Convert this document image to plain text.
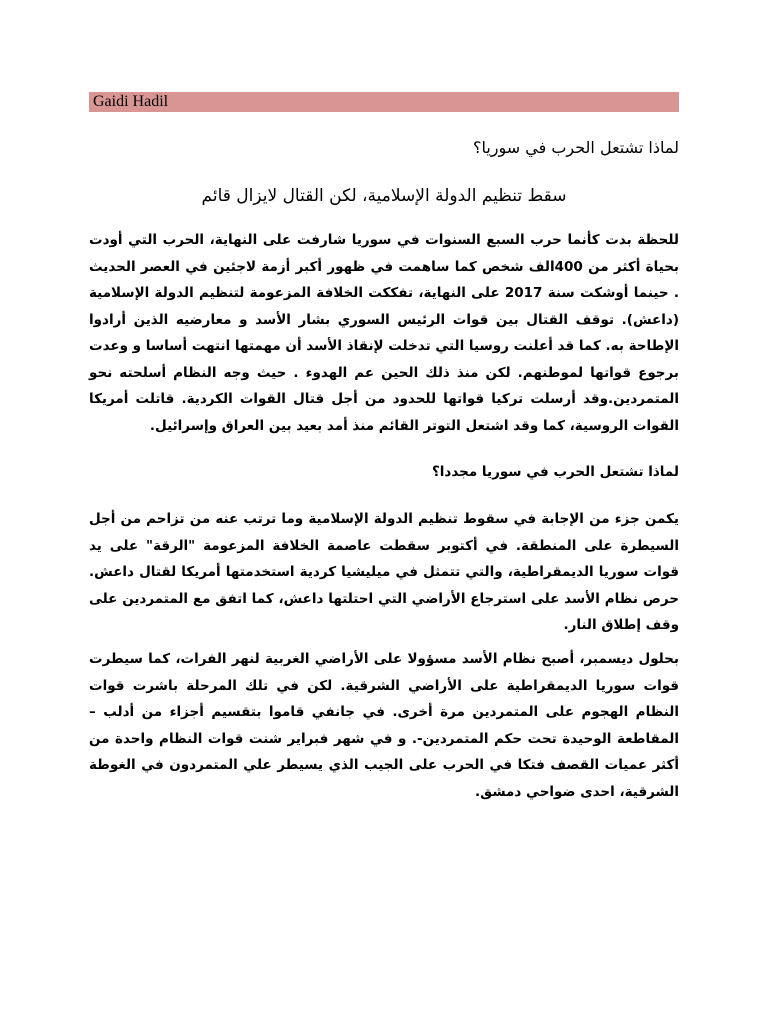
Gaidi Hadil
لماذا تشتعل الحرب في سوريا؟
سقط تنظيم الدولة الإسلامية، لكن القتال لايزال قائم
للحظة بدت كأنما حرب السبع السنوات في سوريا شارفت على النهاية، الحرب التي أودت بحياة أكثر من 400الف شخص كما ساهمت في ظهور أكبر أزمة لاجئين في العصر الحديث . حينما أوشكت سنة 2017 على النهاية، تفككت الخلافة المزعومة لتنظيم الدولة الإسلامية (داعش). توقف القتال بين قوات الرئيس السوري بشار الأسد و معارضيه الذين أرادوا الإطاحة به. كما قد أعلنت روسيا التي تدخلت لإنقاذ الأسد أن مهمتها انتهت أساسا و وعدت برجوع قواتها لموطنهم. لكن منذ ذلك الحين عم الهدوء . حيث وجه النظام أسلحته نحو المتمردين.وقد أرسلت تركيا قواتها للحدود من أجل قتال القوات الكردية. قاتلت أمريكا القوات الروسية، كما وقد اشتعل التوتر القائم منذ أمد بعيد بين العراق وإسرائيل.
لماذا تشتعل الحرب في سوريا مجددا؟
يكمن جزء من الإجابة في سقوط تنظيم الدولة الإسلامية وما ترتب عنه من تزاحم من أجل السيطرة على المنطقة. في أكتوبر سقطت عاصمة الخلافة المزعومة "الرقة" على يد قوات سوريا الديمقراطية، والتي تتمثل في ميليشيا كردية استخدمتها أمريكا لقتال داعش. حرص نظام الأسد على استرجاع الأراضي التي احتلتها داعش، كما اتفق مع المتمردين على وقف إطلاق النار.
بحلول ديسمبر، أصبح نظام الأسد مسؤولا على الأراضي الغربية لنهر الفرات، كما سيطرت قوات سوريا الديمقراطية على الأراضي الشرقية. لكن في تلك المرحلة باشرت قوات النظام الهجوم على المتمردين مرة أخرى. في جانفي قاموا بتقسيم أجزاء من أدلب –المقاطعة الوحيدة تحت حكم المتمردين-. و في شهر فبراير شنت قوات النظام واحدة من أكثر عميات القصف فتكا في الحرب على الجيب الذي يسيطر علي المتمردون في الغوطة الشرقية، احدى ضواحي دمشق.
